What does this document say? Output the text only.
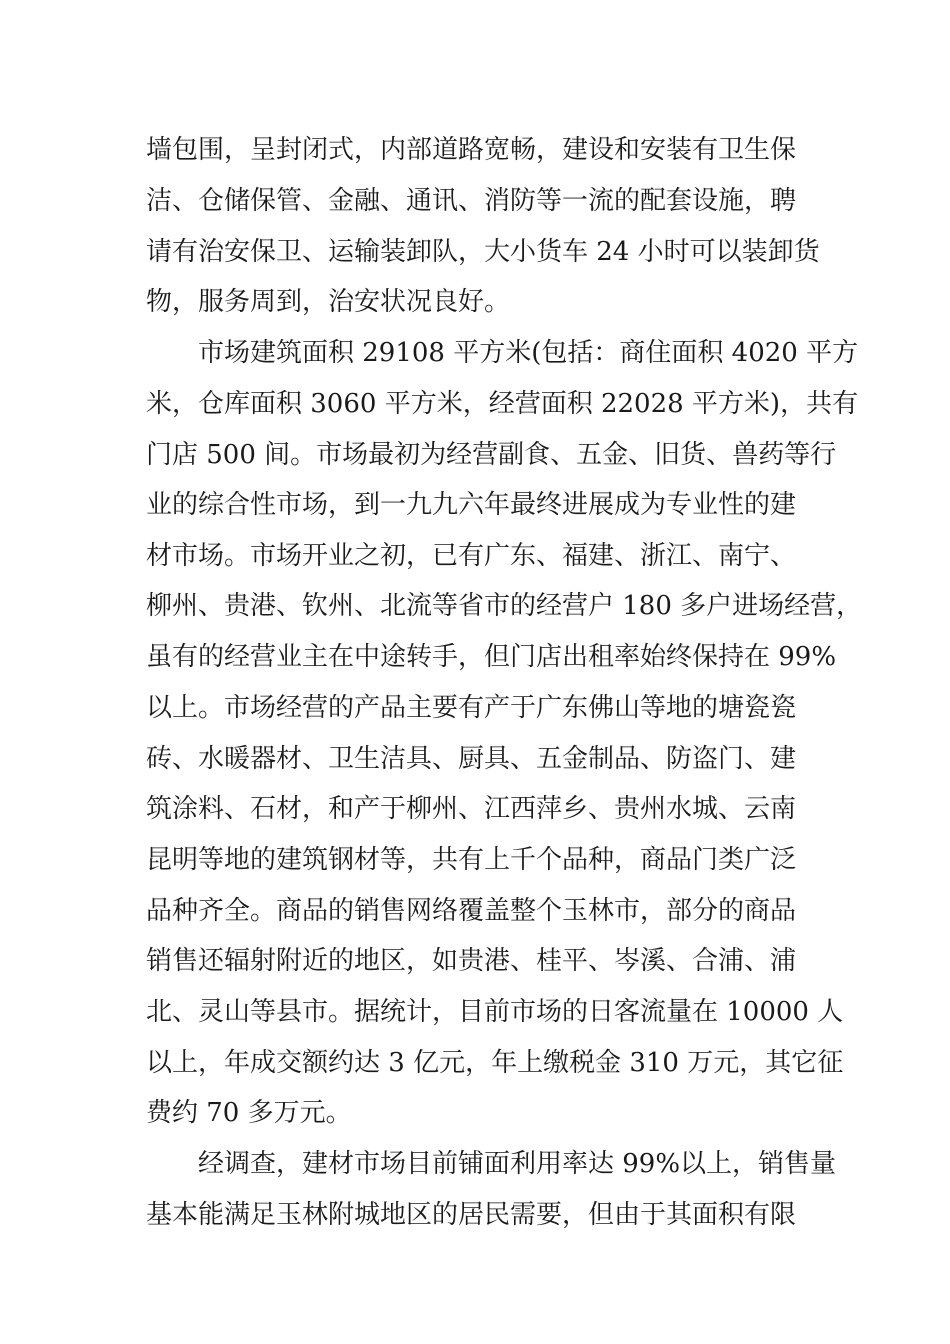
墙包围，呈封闭式，内部道路宽畅，建设和安装有卫生保
洁、仓储保管、金融、通讯、消防等一流的配套设施，聘
请有治安保卫、运输装卸队，大小货车 24 小时可以装卸货
物，服务周到，治安状况良好。
市场建筑面积 29108 平方米(包括：商住面积 4020 平方
米，仓库面积 3060 平方米，经营面积 22028 平方米)，共有
门店 500 间。市场最初为经营副食、五金、旧货、兽药等行
业的综合性市场，到一九九六年最终进展成为专业性的建
材市场。市场开业之初，已有广东、福建、浙江、南宁、
柳州、贵港、钦州、北流等省市的经营户 180 多户进场经营，
虽有的经营业主在中途转手，但门店出租率始终保持在 99%
以上。市场经营的产品主要有产于广东佛山等地的塘瓷瓷
砖、水暖器材、卫生洁具、厨具、五金制品、防盗门、建
筑涂料、石材，和产于柳州、江西萍乡、贵州水城、云南
昆明等地的建筑钢材等，共有上千个品种，商品门类广泛
品种齐全。商品的销售网络覆盖整个玉林市，部分的商品
销售还辐射附近的地区，如贵港、桂平、岑溪、合浦、浦
北、灵山等县市。据统计，目前市场的日客流量在 10000 人
以上，年成交额约达 3 亿元，年上缴税金 310 万元，其它征
费约 70 多万元。
经调查，建材市场目前铺面利用率达 99%以上，销售量
基本能满足玉林附城地区的居民需要，但由于其面积有限
